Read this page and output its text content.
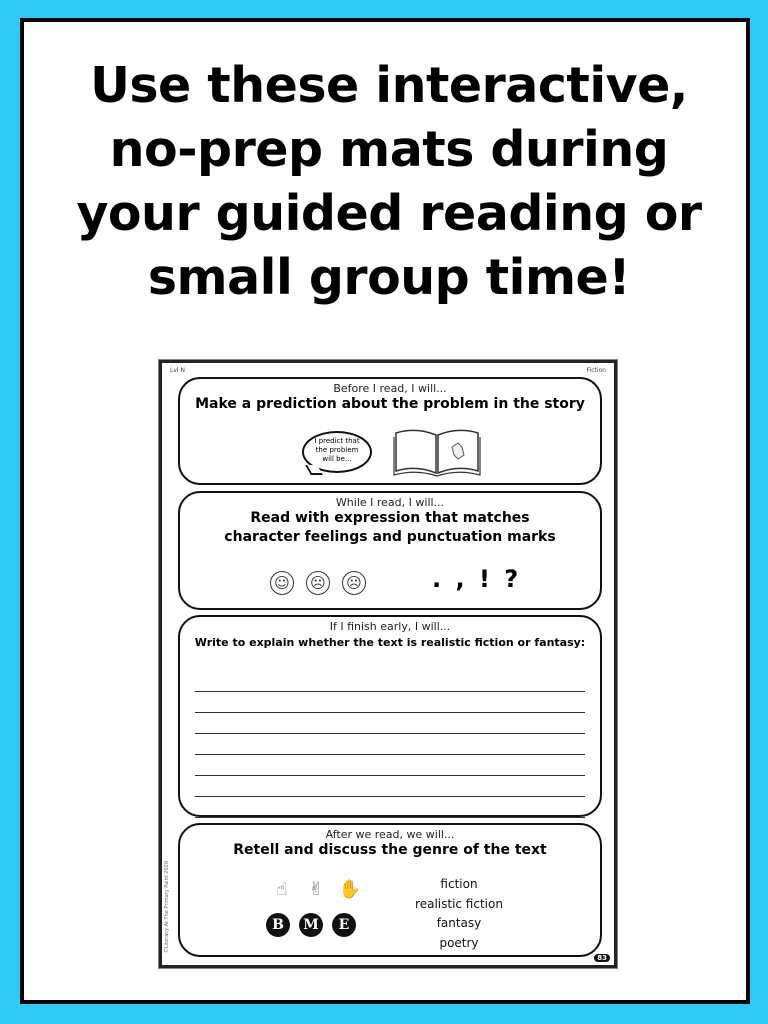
Use these interactive,
no-prep mats during
your guided reading or
small group time!
Lvl N	Fiction
Before I read, I will...
Make a prediction about the problem in the story
I predict that
the problem
will be...
While I read, I will...
Read with expression that matches
character feelings and punctuation marks
☺ ☹ ☹	. , ! ?
If I finish early, I will...
Write to explain whether the text is realistic fiction or fantasy:
After we read, we will...
Retell and discuss the genre of the text
☝ ✌ ✋
B M E
fiction
realistic fiction
fantasy
poetry
©Literacy At The Primary Paint 2020
83
